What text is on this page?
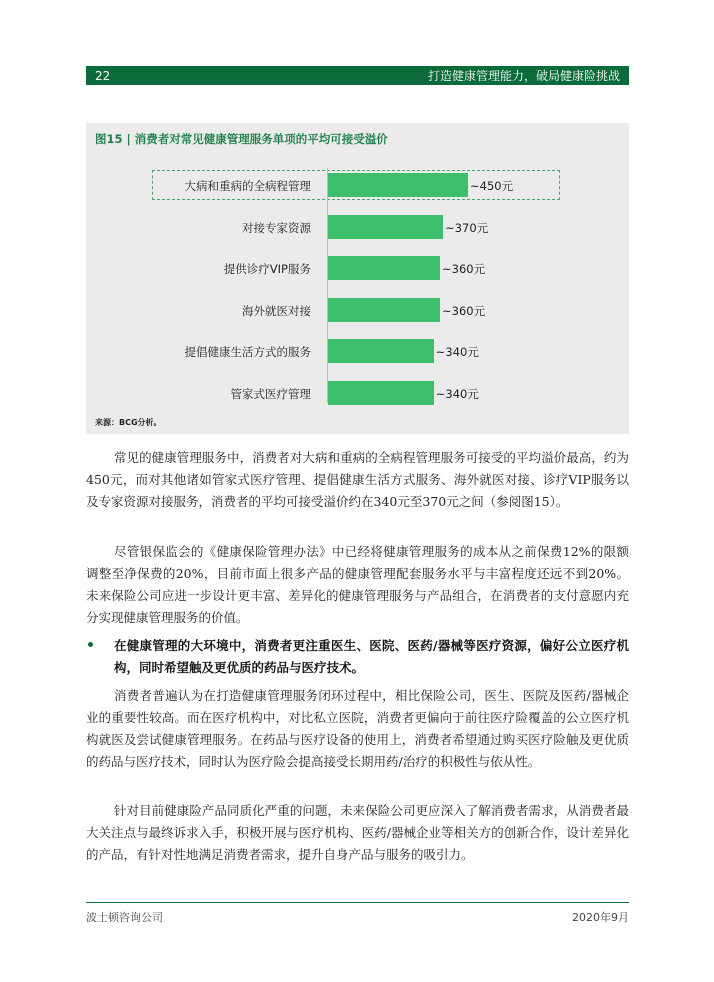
22	打造健康管理能力，破局健康险挑战
图15 | 消费者对常见健康管理服务单项的平均可接受溢价
来源：BCG分析。
大病和重病的全病程管理	~450元
对接专家资源	~370元
提供诊疗VIP服务	~360元
海外就医对接	~360元
提倡健康生活方式的服务	~340元
管家式医疗管理	~340元

常见的健康管理服务中，消费者对大病和重病的全病程管理服务可接受的平均溢价最高，约为450元，而对其他诸如管家式医疗管理、提倡健康生活方式服务、海外就医对接、诊疗VIP服务以及专家资源对接服务，消费者的平均可接受溢价约在340元至370元之间（参阅图15）。

尽管银保监会的《健康保险管理办法》中已经将健康管理服务的成本从之前保费12%的限额调整至净保费的20%，目前市面上很多产品的健康管理配套服务水平与丰富程度还远不到20%。未来保险公司应进一步设计更丰富、差异化的健康管理服务与产品组合，在消费者的支付意愿内充分实现健康管理服务的价值。

在健康管理的大环境中，消费者更注重医生、医院、医药/器械等医疗资源，偏好公立医疗机构，同时希望触及更优质的药品与医疗技术。

消费者普遍认为在打造健康管理服务闭环过程中，相比保险公司，医生、医院及医药/器械企业的重要性较高。而在医疗机构中，对比私立医院，消费者更偏向于前往医疗险覆盖的公立医疗机构就医及尝试健康管理服务。在药品与医疗设备的使用上，消费者希望通过购买医疗险触及更优质的药品与医疗技术，同时认为医疗险会提高接受长期用药/治疗的积极性与依从性。

针对目前健康险产品同质化严重的问题，未来保险公司更应深入了解消费者需求，从消费者最大关注点与最终诉求入手，积极开展与医疗机构、医药/器械企业等相关方的创新合作，设计差异化的产品，有针对性地满足消费者需求，提升自身产品与服务的吸引力。

波士顿咨询公司	2020年9月
